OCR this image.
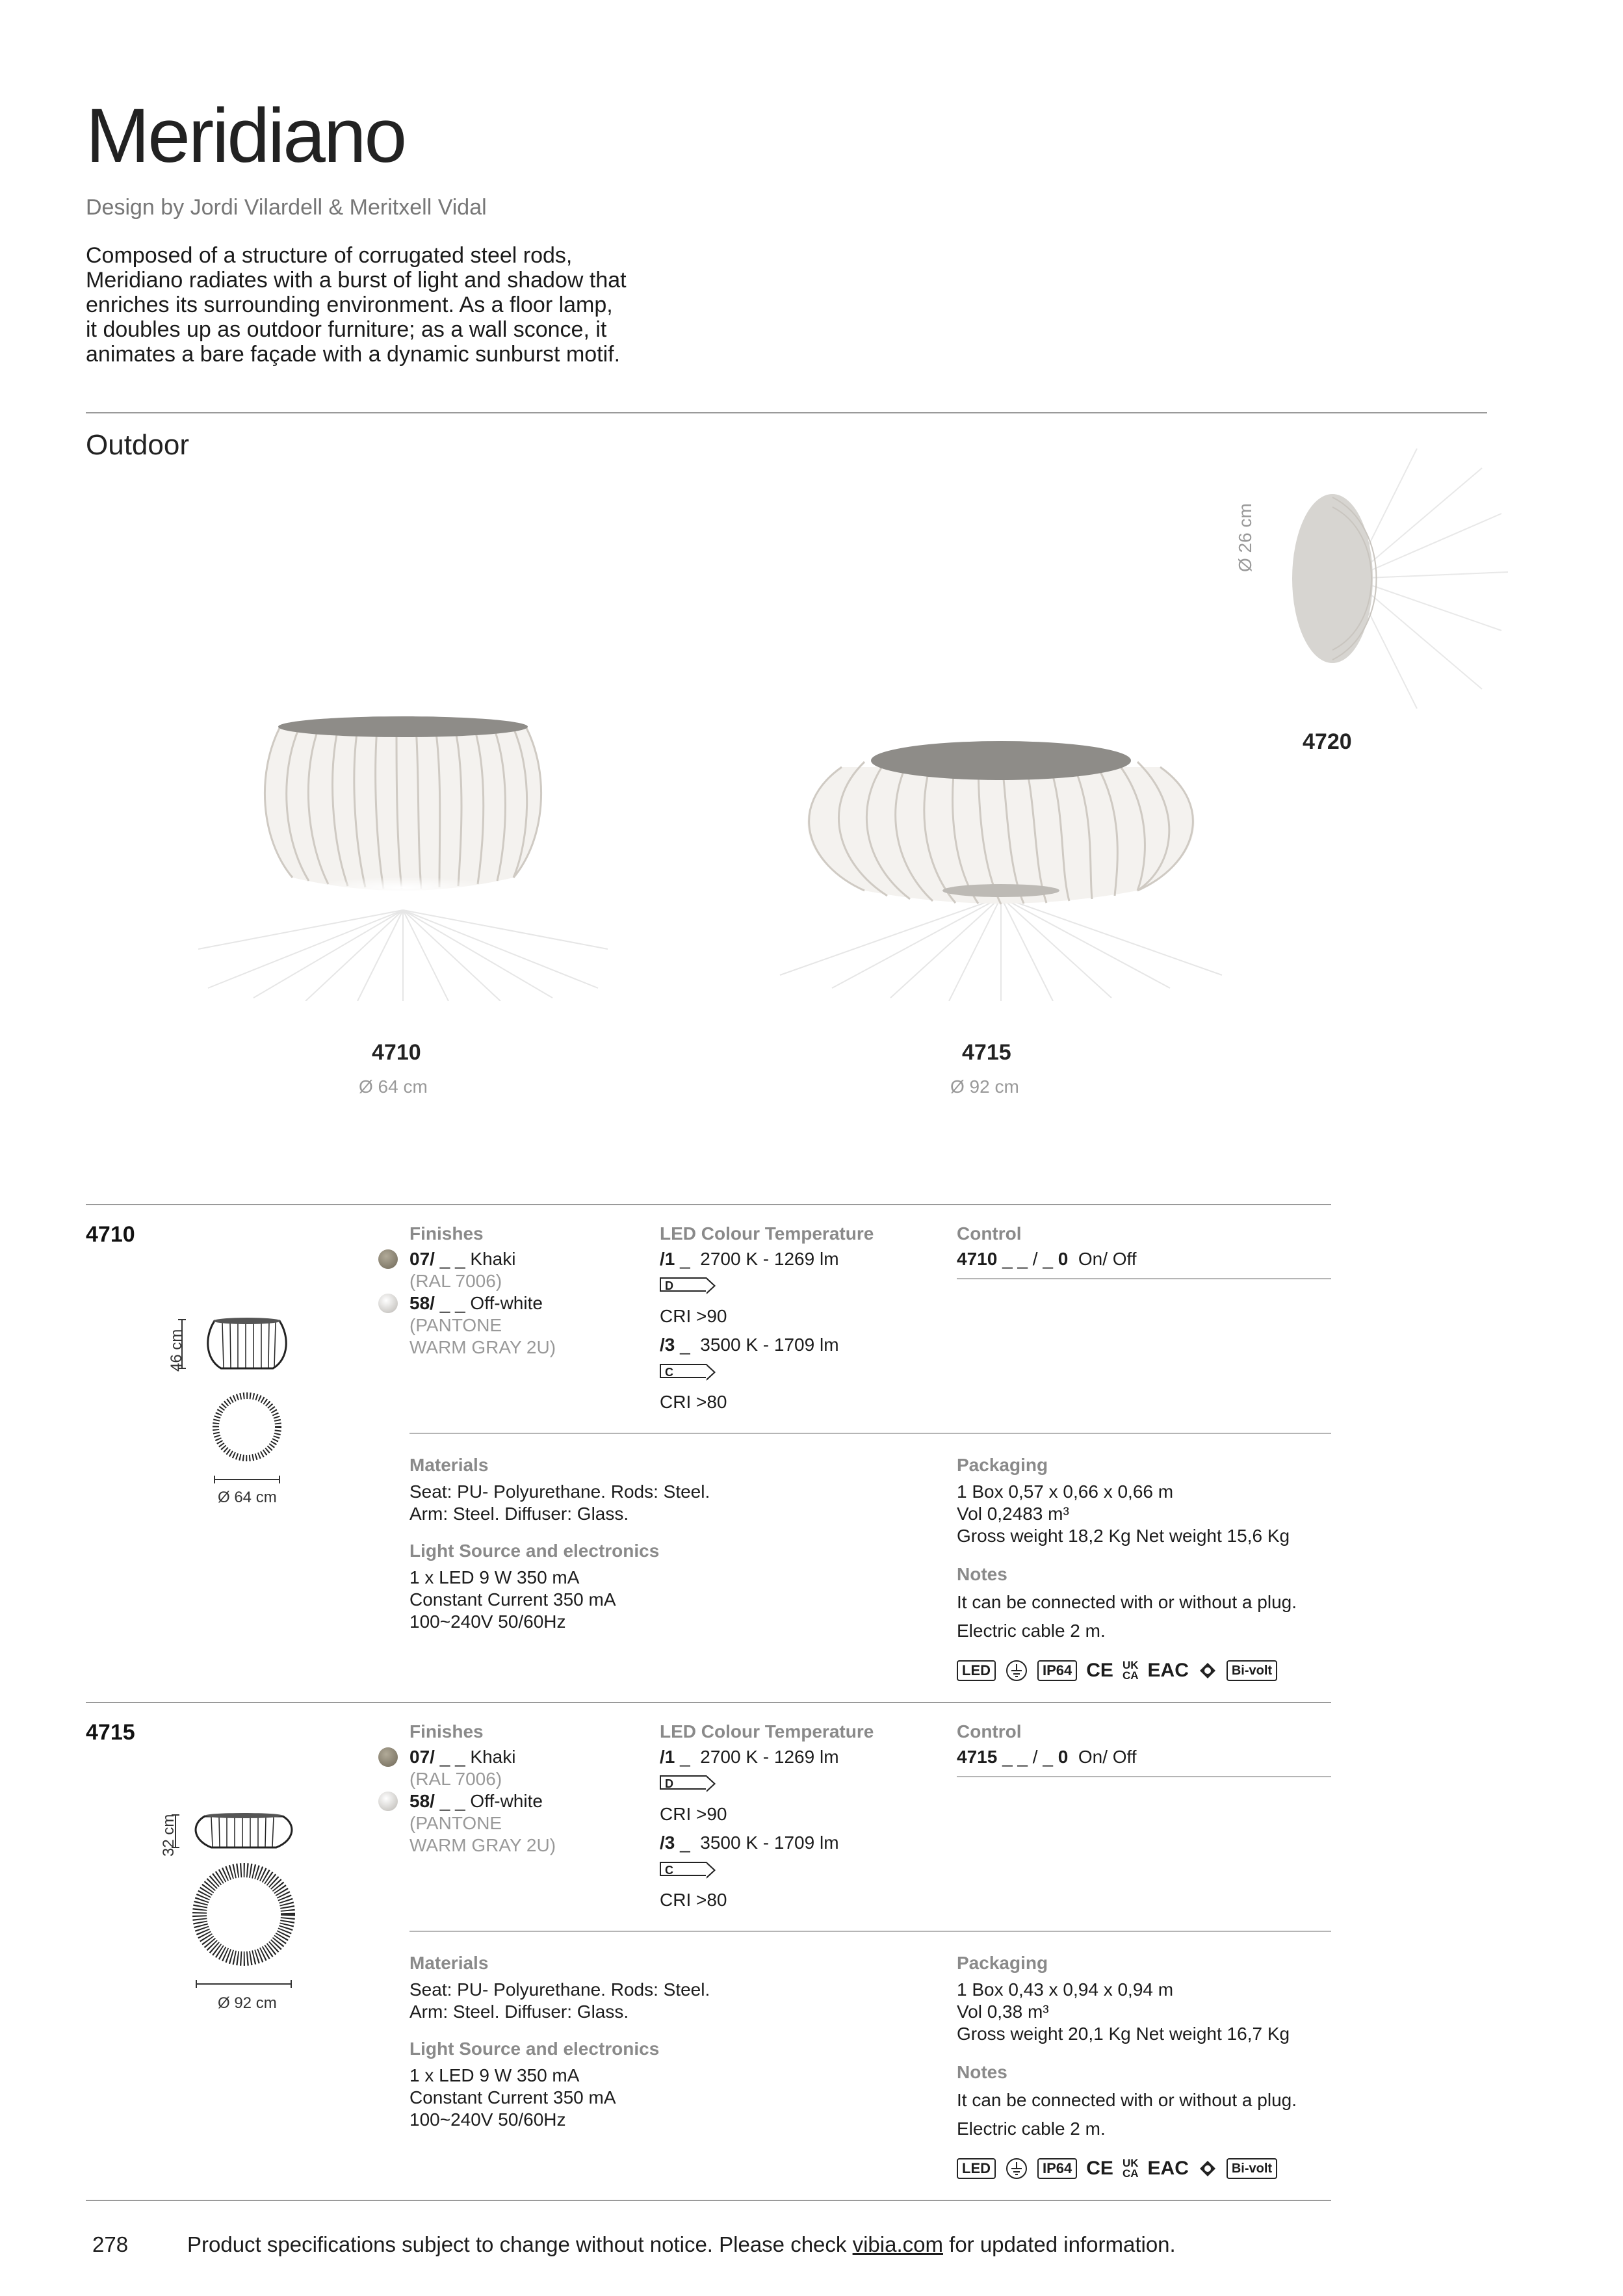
Meridiano
Design by Jordi Vilardell & Meritxell Vidal
Composed of a structure of corrugated steel rods,
Meridiano radiates with a burst of light and shadow that
enriches its surrounding environment. As a floor lamp,
it doubles up as outdoor furniture; as a wall sconce, it
animates a bare façade with a dynamic sunburst motif.
Outdoor
4710
Ø 64 cm
4715
Ø 92 cm
4720
Ø 26 cm
4710
46 cm
Ø 64 cm
Finishes
07/ _ _ Khaki
(RAL 7006)
58/ _ _ Off-white
(PANTONE
WARM GRAY 2U)
LED Colour Temperature
/1 _ 2700 K - 1269 lm
D
CRI >90
/3 _ 3500 K - 1709 lm
C
CRI >80
Control
4710 _ _ / _ 0 On/ Off
Materials
Seat: PU- Polyurethane. Rods: Steel.
Arm: Steel. Diffuser: Glass.
Light Source and electronics
1 x LED 9 W 350 mA
Constant Current 350 mA
100~240V 50/60Hz
Packaging
1 Box 0,57 x 0,66 x 0,66 m
Vol 0,2483 m³
Gross weight 18,2 Kg Net weight 15,6 Kg
Notes
It can be connected with or without a plug.
Electric cable 2 m.
LED	IP64 CE UK
CA EAC	Bi-volt
4715
32 cm
Ø 92 cm
Finishes
07/ _ _ Khaki
(RAL 7006)
58/ _ _ Off-white
(PANTONE
WARM GRAY 2U)
LED Colour Temperature
/1 _ 2700 K - 1269 lm
D
CRI >90
/3 _ 3500 K - 1709 lm
C
CRI >80
Control
4715 _ _ / _ 0 On/ Off
Materials
Seat: PU- Polyurethane. Rods: Steel.
Arm: Steel. Diffuser: Glass.
Light Source and electronics
1 x LED 9 W 350 mA
Constant Current 350 mA
100~240V 50/60Hz
Packaging
1 Box 0,43 x 0,94 x 0,94 m
Vol 0,38 m³
Gross weight 20,1 Kg Net weight 16,7 Kg
Notes
It can be connected with or without a plug.
Electric cable 2 m.
LED	IP64 CE UK
CA EAC	Bi-volt
278	Product specifications subject to change without notice. Please check vibia.com for updated information.
